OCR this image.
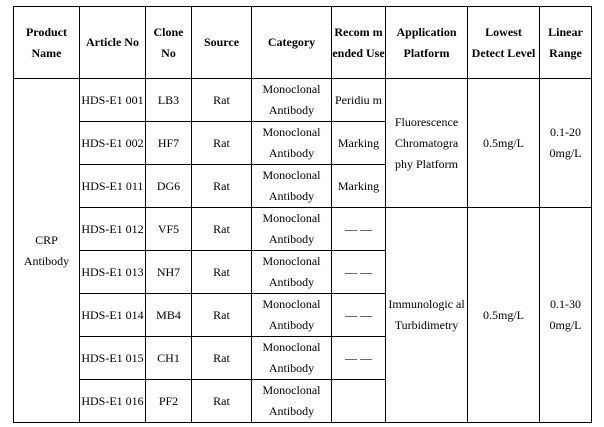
Product Name	Article No	Clone No	Source	Category	Recom mended Use	Application Platform	Lowest Detect Level	Linear Range
CRP Antibody	HDS-E1 001	LB3	Rat	Monoclonal Antibody	Peridiu m	Fluorescence Chromatogra phy Platform	0.5mg/L	0.1-20 0mg/L
	HDS-E1 002	HF7	Rat	Monoclonal Antibody	Marking			
	HDS-E1 011	DG6	Rat	Monoclonal Antibody	Marking			
	HDS-E1 012	VF5	Rat	Monoclonal Antibody	— —	Immunologic al Turbidimetry	0.5mg/L	0.1-30 0mg/L
	HDS-E1 013	NH7	Rat	Monoclonal Antibody	— —			
	HDS-E1 014	MB4	Rat	Monoclonal Antibody	— —			
	HDS-E1 015	CH1	Rat	Monoclonal Antibody	— —			
	HDS-E1 016	PF2	Rat	Monoclonal Antibody				
